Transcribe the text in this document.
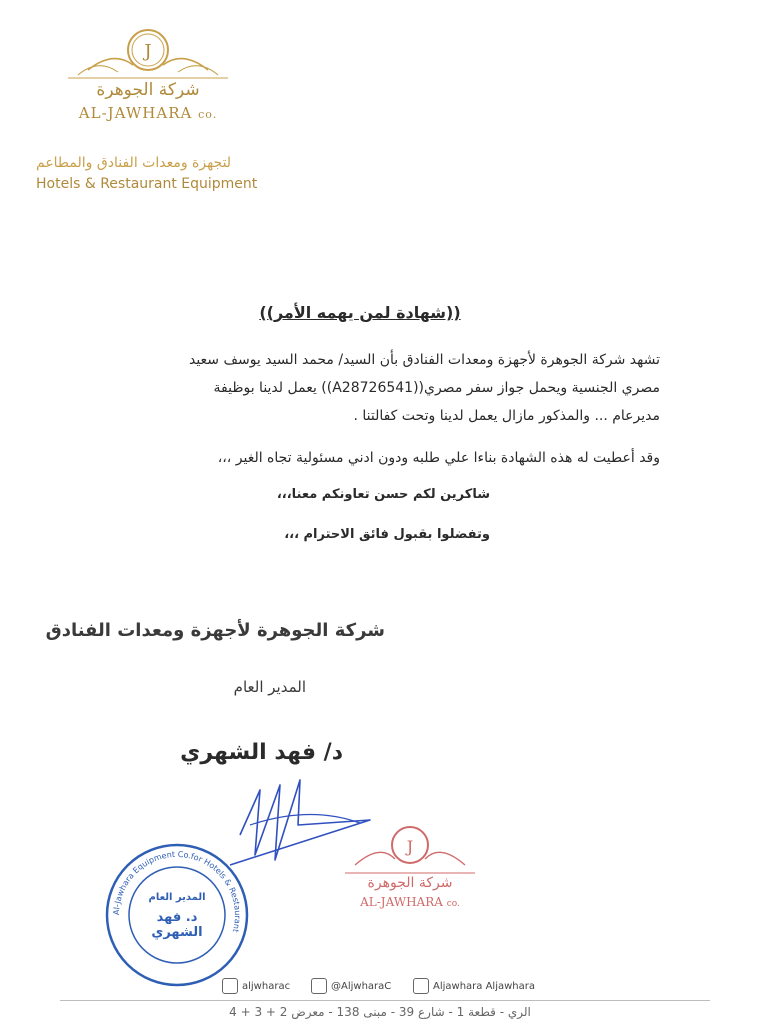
J
شركة الجوهرة
AL-JAWHARA co.
لتجهزة ومعدات الفنادق والمطاعم
Hotels & Restaurant Equipment
((شهادة لمن يهمه الأمر))
تشهد شركة الجوهرة لأجهزة ومعدات الفنادق بأن السيد/ محمد السيد يوسف سعيد
مصري الجنسية ويحمل جواز سفر مصري((A28726541)) يعمل لدينا بوظيفة
مديرعام ... والمذكور مازال يعمل لدينا وتحت كفالتنا .
وقد أعطيت له هذه الشهادة بناءا علي طلبه ودون ادني مسئولية تجاه الغير ،،،
شاكرين لكم حسن تعاونكم معنا،،،
وتفضلوا بقبول فائق الاحترام ،،،
شركة الجوهرة لأجهزة ومعدات الفنادق
المدير العام
د/ فهد الشهري
Al-Jawhara Equipment Co.for Hotels & Restaurant
المدير العام
د. فهد الشهري
J
شركة الجوهرة
AL-JAWHARA co.
aljwharac	@AljwharaC	Aljawhara Aljawhara
الري - قطعة 1 - شارع 39 - مبنى 138 - معرض 2 + 3 + 4
